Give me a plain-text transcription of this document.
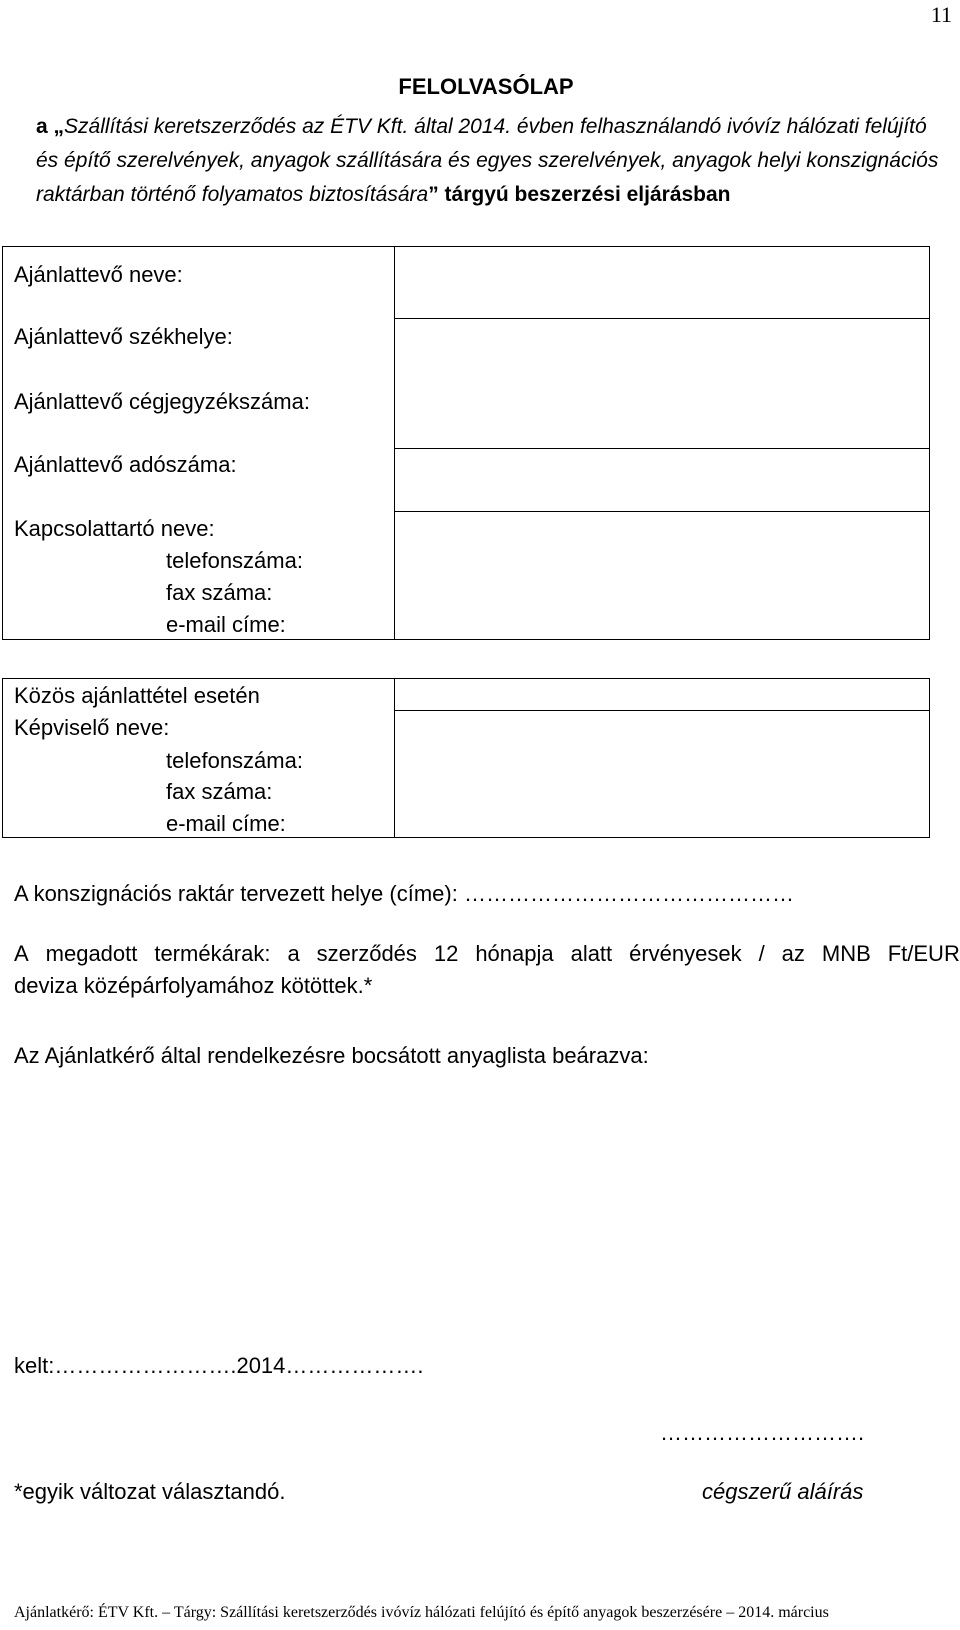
11
FELOLVASÓLAP
a „Szállítási keretszerződés az ÉTV Kft. által 2014. évben felhasználandó ivóvíz hálózati felújító és építő szerelvények, anyagok szállítására és egyes szerelvények, anyagok helyi konszignációs raktárban történő folyamatos biztosítására” tárgyú beszerzési eljárásban
Ajánlattevő neve:
Ajánlattevő székhelye:
Ajánlattevő cégjegyzékszáma:
Ajánlattevő adószáma:
Kapcsolattartó neve:
telefonszáma:
fax száma:
e-mail címe:
Közös ajánlattétel esetén
Képviselő neve:
telefonszáma:
fax száma:
e-mail címe:
A konszignációs raktár tervezett helye (címe): ………………………………………
A megadott termékárak: a szerződés 12 hónapja alatt érvényesek / az MNB Ft/EUR
deviza középárfolyamához kötöttek.*
Az Ajánlatkérő által rendelkezésre bocsátott anyaglista beárazva:
kelt:…………………….2014……………….
……………………….
*egyik változat választandó.	cégszerű aláírás
Ajánlatkérő: ÉTV Kft. – Tárgy: Szállítási keretszerződés ivóvíz hálózati felújító és építő anyagok beszerzésére – 2014. március
